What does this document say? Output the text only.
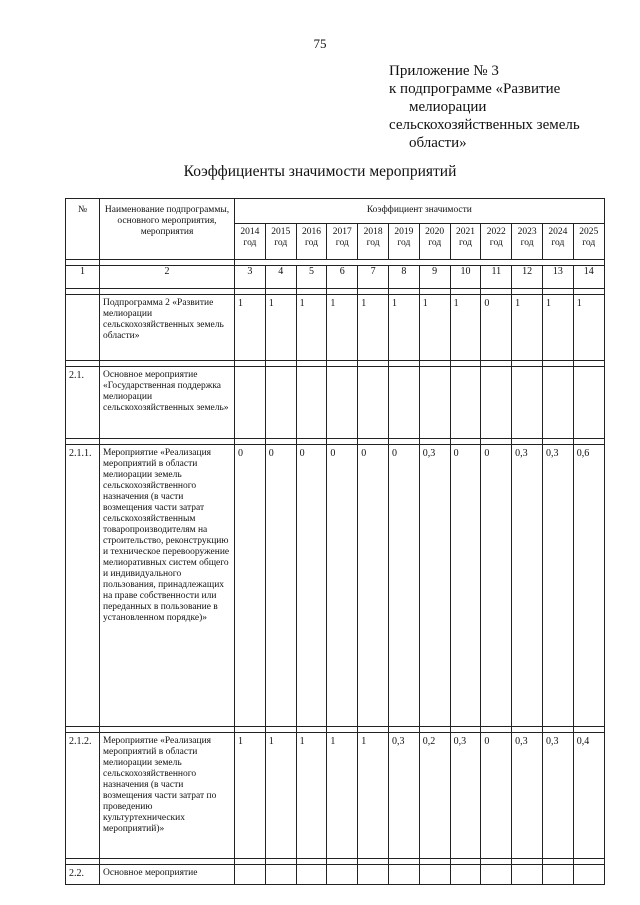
75
Приложение № 3
к подпрограмме «Развитие
мелиорации
сельскохозяйственных земель
области»
Коэффициенты значимости мероприятий
№	Наименование подпрограммы, основного мероприятия, мероприятия	Коэффициент значимости											
		2014 год	2015 год	2016 год	2017 год	2018 год	2019 год	2020 год	2021 год	2022 год	2023 год	2024 год	2025 год

1	2	3	4	5	6	7	8	9	10	11	12	13	14

	Подпрограмма 2 «Развитие мелиорации сельскохозяйственных земель области»	1	1	1	1	1	1	1	1	0	1	1	1

2.1.	Основное мероприятие «Государственная поддержка мелиорации сельскохозяйственных земель»												

2.1.1.	Мероприятие «Реализация мероприятий в области мелиорации земель сельскохозяйственного назначения (в части возмещения части затрат сельскохозяйственным товаропроизводителям на строительство, реконструкцию и техническое перевооружение мелиоративных систем общего и индивидуального пользования, принадлежащих на праве собственности или переданных в пользование в установленном порядке)»	0	0	0	0	0	0	0,3	0	0	0,3	0,3	0,6

2.1.2.	Мероприятие «Реализация мероприятий в области мелиорации земель сельскохозяйственного назначения (в части возмещения части затрат по проведению культуртехнических мероприятий)»	1	1	1	1	1	0,3	0,2	0,3	0	0,3	0,3	0,4

2.2.	Основное мероприятие												
